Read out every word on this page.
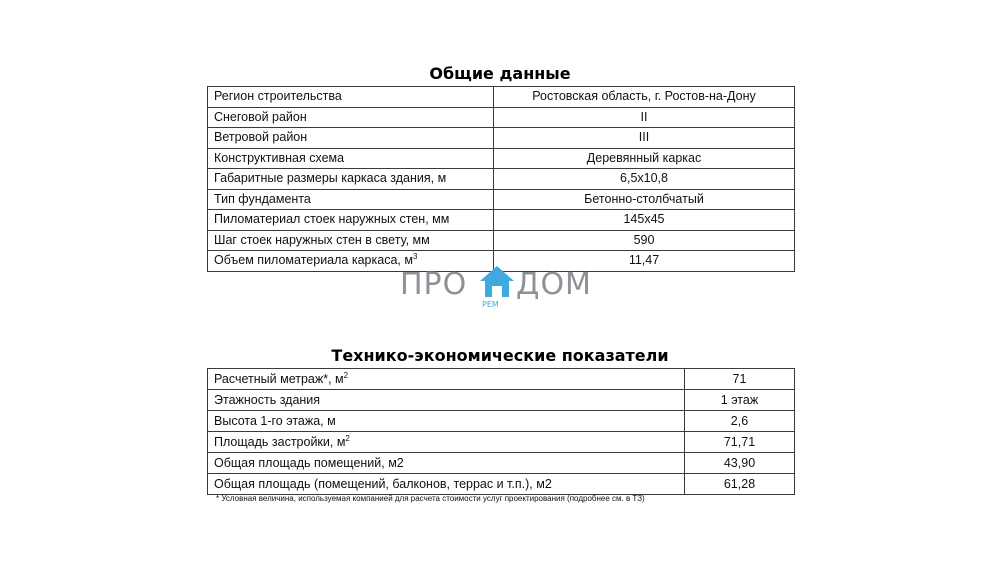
Общие данные
Регион строительства	Ростовская область, г. Ростов-на-Дону
Снеговой район	II
Ветровой район	III
Конструктивная схема	Деревянный каркас
Габаритные размеры каркаса здания, м	6,5x10,8
Тип фундамента	Бетонно-столбчатый
Пиломатериал стоек наружных стен, мм	145x45
Шаг стоек наружных стен в свету, мм	590
Объем пиломатериала каркаса, $м^3$	11,47
ПРО
РЕМ
ДОМ
Технико-экономические показатели
Расчетный метраж*, $м^2$	71
Этажность здания	1 этаж
Высота 1-го этажа, м	2,6
Площадь застройки, $м^2$	71,71
Общая площадь помещений, м2	43,90
Общая площадь (помещений, балконов, террас и т.п.), м2	61,28
* Условная величина, используемая компанией для расчета стоимости услуг проектирования (подробнее см. в ТЗ)
